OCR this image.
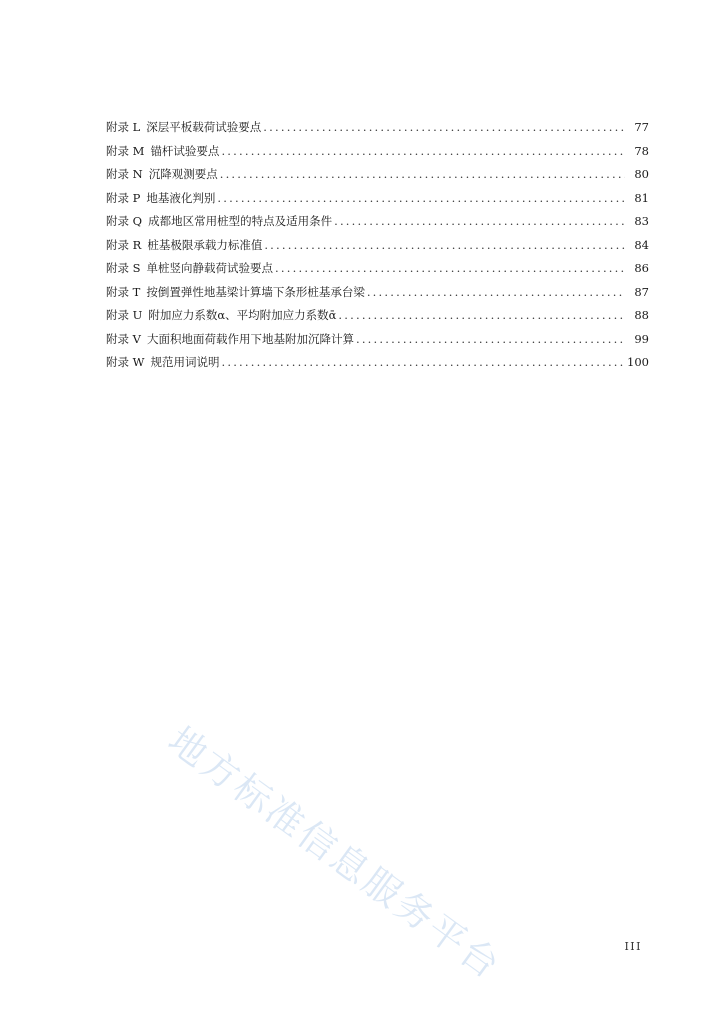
附录 L 深层平板载荷试验要点 .....	77
附录 M 锚杆试验要点 .....	78
附录 N 沉降观测要点 .....	80
附录 P 地基液化判别 .....	81
附录 Q 成都地区常用桩型的特点及适用条件 .....	83
附录 R 桩基极限承载力标准值 .....	84
附录 S 单桩竖向静载荷试验要点 .....	86
附录 T 按倒置弹性地基梁计算墙下条形桩基承台梁 .....	87
附录 U 附加应力系数α、平均附加应力系数ᾱ .....	88
附录 V 大面积地面荷载作用下地基附加沉降计算 .....	99
附录 W 规范用词说明 .....	100
地方标准信息服务平台	III
